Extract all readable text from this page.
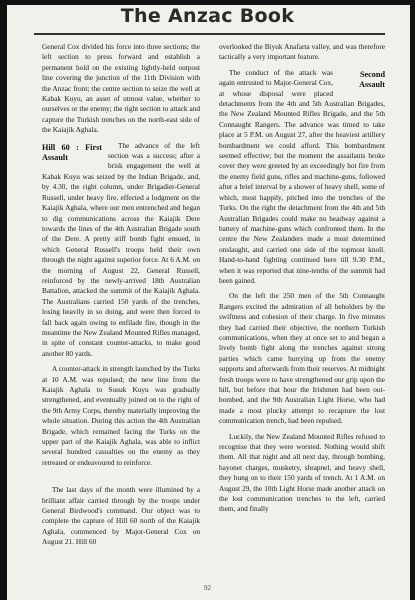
The Anzac Book

General Cox divided his force into three sections; the left section to press forward and establish a permanent hold on the existing lightly-held outpost line covering the junction of the 11th Division with the Anzac front; the centre section to seize the well at Kabak Kuyu, an asset of utmost value, whether to ourselves or the enemy; the right section to attack and capture the Turkish trenches on the north-east side of the Kaiajik Aghala.

Hill 60 : First Assault

The advance of the left section was a success; after a brisk engagement the well at Kabak Kuyu was seized by the Indian Brigade, and, by 4.30, the right column, under Brigadier-General Russell, under heavy fire, effected a lodgment on the Kaiajik Aghala, where our men entrenched and began to dig communications across the Kaiajik Dere towards the lines of the 4th Australian Brigade south of the Dere. A pretty stiff bomb fight ensued, in which General Russell's troops held their own through the night against superior force. At 6 A.M. on the morning of August 22, General Russell, reinforced by the newly-arrived 18th Australian Battalion, attacked the summit of the Kaiajik Aghala. The Australians carried 150 yards of the trenches, losing heavily in so doing, and were then forced to fall back again owing to enfilade fire, though in the meantime the New Zealand Mounted Rifles managed, in spite of constant counter-attacks, to make good another 80 yards.

A counter-attack in strength launched by the Turks at 10 A.M. was repulsed; the new line from the Kaiajik Aghala to Susuk Kuyu was gradually strengthened, and eventually joined on to the right of the 9th Army Corps, thereby materially improving the whole situation. During this action the 4th Australian Brigade, which remained facing the Turks on the upper part of the Kaiajik Aghala, was able to inflict several hundred casualties on the enemy as they retreated or endeavoured to reinforce.

The last days of the month were illumined by a brilliant affair carried through by the troops under General Birdwood's command. Our object was to complete the capture of Hill 60 north of the Kaiajik Aghala, commenced by Major-General Cox on August 21. Hill 60

overlooked the Biyuk Anafarta valley, and was therefore tactically a very important feature.

Second Assault

The conduct of the attack was again entrusted to Major-General Cox, at whose disposal were placed detachments from the 4th and 5th Australian Brigades, the New Zealand Mounted Rifles Brigade, and the 5th Connaught Rangers. The advance was timed to take place at 5 P.M. on August 27, after the heaviest artillery bombardment we could afford. This bombardment seemed effective; but the moment the assailants broke cover they were greeted by an exceedingly hot fire from the enemy field guns, rifles and machine-guns, followed after a brief interval by a shower of heavy shell, some of which, most happily, pitched into the trenches of the Turks. On the right the detachment from the 4th and 5th Australian Brigades could make no headway against a battery of machine-guns which confronted them. In the centre the New Zealanders made a most determined onslaught, and carried one side of the topmost knoll. Hand-to-hand fighting continued here till 9.30 P.M., when it was reported that nine-tenths of the summit had been gained.

On the left the 250 men of the 5th Connaught Rangers excited the admiration of all beholders by the swiftness and cohesion of their charge. In five minutes they had carried their objective, the northern Turkish communications, when they at once set to and began a lively bomb fight along the trenches against strong parties which came hurrying up from the enemy supports and afterwards from their reserves. At midnight fresh troops were to have strengthened our grip upon the hill, but before that hour the Irishmen had been out-bombed, and the 9th Australian Light Horse, who had made a most plucky attempt to recapture the lost communication trench, had been repulsed.

Luckily, the New Zealand Mounted Rifles refused to recognise that they were worsted. Nothing would shift them. All that night and all next day, through bombing, bayonet charges, musketry, shrapnel, and heavy shell, they hung on to their 150 yards of trench. At 1 A.M. on August 29, the 10th Light Horse made another attack on the lost communication trenches to the left, carried them, and finally

92
